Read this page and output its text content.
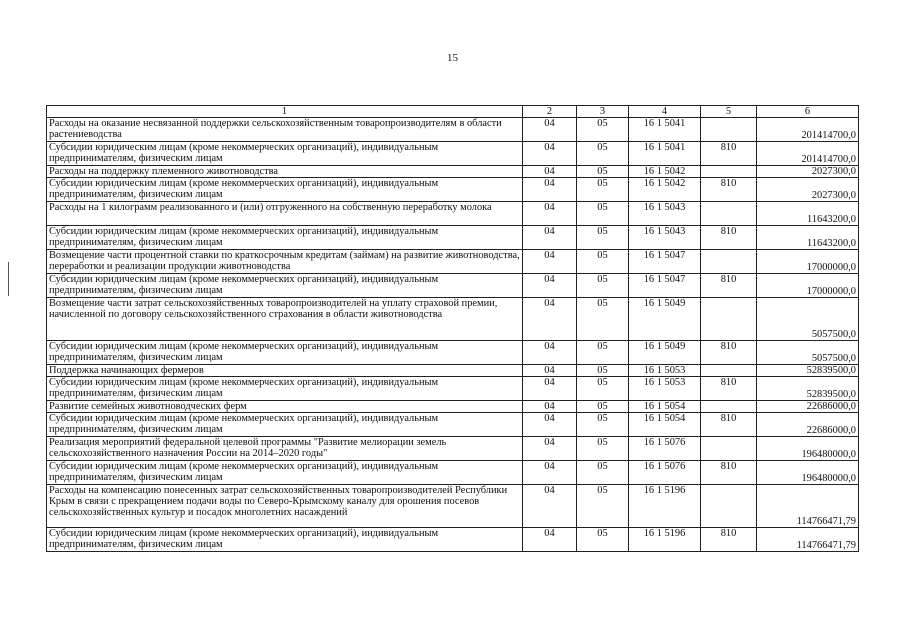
15
1	2	3	4	5	6
Расходы на оказание несвязанной поддержки сельскохозяйственным товаропроизводителям в области растениеводства	04	05	16 1 5041		201414700,0
Субсидии юридическим лицам (кроме некоммерческих организаций), индивидуальным предпринимателям, физическим лицам	04	05	16 1 5041	810	201414700,0
Расходы на поддержку племенного животноводства	04	05	16 1 5042		2027300,0
Субсидии юридическим лицам (кроме некоммерческих организаций), индивидуальным предпринимателям, физическим лицам	04	05	16 1 5042	810	2027300,0
Расходы на 1 килограмм реализованного и (или) отгруженного на собственную переработку молока	04	05	16 1 5043		11643200,0
Субсидии юридическим лицам (кроме некоммерческих организаций), индивидуальным предпринимателям, физическим лицам	04	05	16 1 5043	810	11643200,0
Возмещение части процентной ставки по краткосрочным кредитам (займам) на развитие животноводства, переработки и реализации продукции животноводства	04	05	16 1 5047		17000000,0
Субсидии юридическим лицам (кроме некоммерческих организаций), индивидуальным предпринимателям, физическим лицам	04	05	16 1 5047	810	17000000,0
Возмещение части затрат сельскохозяйственных товаропроизводителей на уплату страховой премии, начисленной по договору сельскохозяйственного страхования в области животноводства	04	05	16 1 5049		5057500,0
Субсидии юридическим лицам (кроме некоммерческих организаций), индивидуальным предпринимателям, физическим лицам	04	05	16 1 5049	810	5057500,0
Поддержка начинающих фермеров	04	05	16 1 5053		52839500,0
Субсидии юридическим лицам (кроме некоммерческих организаций), индивидуальным предпринимателям, физическим лицам	04	05	16 1 5053	810	52839500,0
Развитие семейных животноводческих ферм	04	05	16 1 5054		22686000,0
Субсидии юридическим лицам (кроме некоммерческих организаций), индивидуальным предпринимателям, физическим лицам	04	05	16 1 5054	810	22686000,0
Реализация мероприятий федеральной целевой программы "Развитие мелиорации земель сельскохозяйственного назначения России на 2014–2020 годы"	04	05	16 1 5076		196480000,0
Субсидии юридическим лицам (кроме некоммерческих организаций), индивидуальным предпринимателям, физическим лицам	04	05	16 1 5076	810	196480000,0
Расходы на компенсацию понесенных затрат сельскохозяйственных товаропроизводителей Республики Крым в связи с прекращением подачи воды по Северо-Крымскому каналу для орошения посевов сельскохозяйственных культур и посадок многолетних насаждений	04	05	16 1 5196		114766471,79
Субсидии юридическим лицам (кроме некоммерческих организаций), индивидуальным предпринимателям, физическим лицам	04	05	16 1 5196	810	114766471,79
